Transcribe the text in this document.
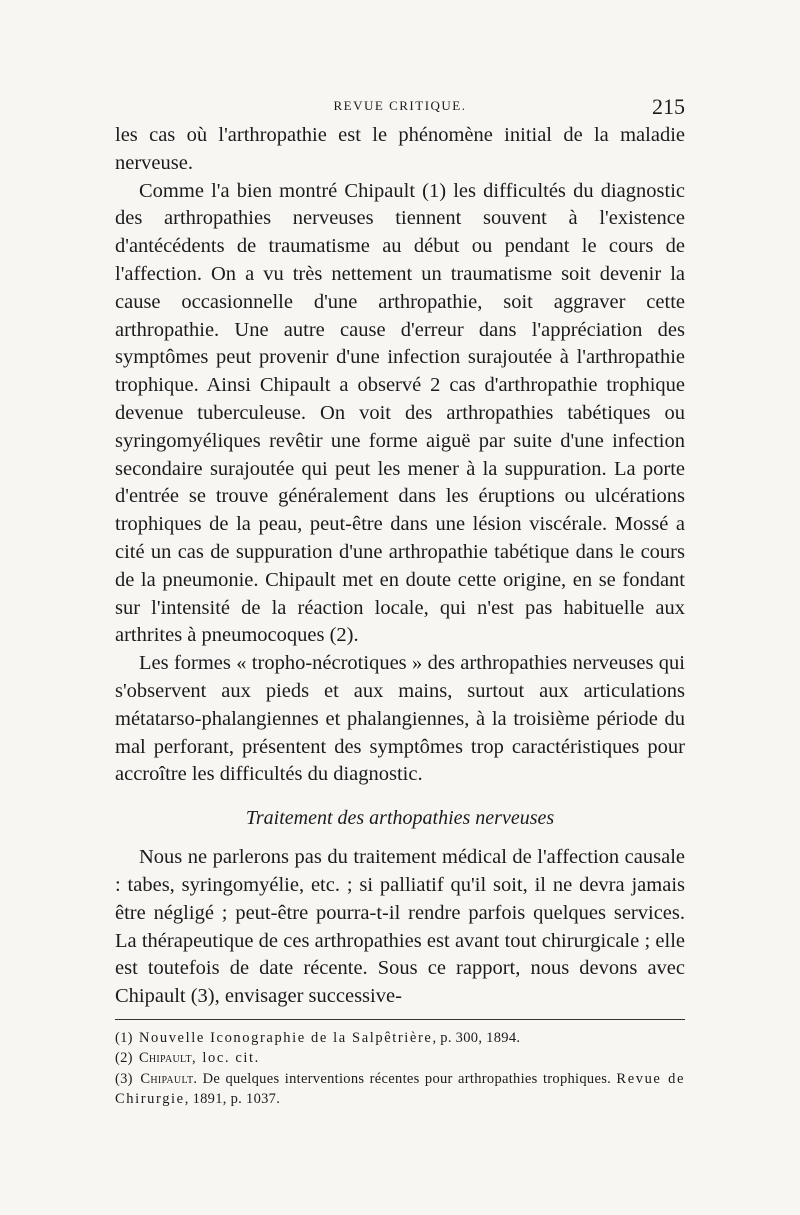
REVUE CRITIQUE.	215

les cas où l'arthropathie est le phénomène initial de la maladie nerveuse.

Comme l'a bien montré Chipault (1) les difficultés du diagnostic des arthropathies nerveuses tiennent souvent à l'existence d'antécédents de traumatisme au début ou pendant le cours de l'affection. On a vu très nettement un traumatisme soit devenir la cause occasionnelle d'une arthropathie, soit aggraver cette arthropathie. Une autre cause d'erreur dans l'appréciation des symptômes peut provenir d'une infection surajoutée à l'arthropathie trophique. Ainsi Chipault a observé 2 cas d'arthropathie trophique devenue tuberculeuse. On voit des arthropathies tabétiques ou syringomyéliques revêtir une forme aiguë par suite d'une infection secondaire surajoutée qui peut les mener à la suppuration. La porte d'entrée se trouve généralement dans les éruptions ou ulcérations trophiques de la peau, peut-être dans une lésion viscérale. Mossé a cité un cas de suppuration d'une arthropathie tabétique dans le cours de la pneumonie. Chipault met en doute cette origine, en se fondant sur l'intensité de la réaction locale, qui n'est pas habituelle aux arthrites à pneumocoques (2).

Les formes « tropho-nécrotiques » des arthropathies nerveuses qui s'observent aux pieds et aux mains, surtout aux articulations métatarso-phalangiennes et phalangiennes, à la troisième période du mal perforant, présentent des symptômes trop caractéristiques pour accroître les difficultés du diagnostic.

Traitement des arthopathies nerveuses

Nous ne parlerons pas du traitement médical de l'affection causale : tabes, syringomyélie, etc. ; si palliatif qu'il soit, il ne devra jamais être négligé ; peut-être pourra-t-il rendre parfois quelques services. La thérapeutique de ces arthropathies est avant tout chirurgicale ; elle est toutefois de date récente. Sous ce rapport, nous devons avec Chipault (3), envisager successive-

(1) Nouvelle Iconographie de la Salpêtrière, p. 300, 1894.
(2) Chipault, loc. cit.
(3) Chipault. De quelques interventions récentes pour arthropathies trophiques. Revue de Chirurgie, 1891, p. 1037.
